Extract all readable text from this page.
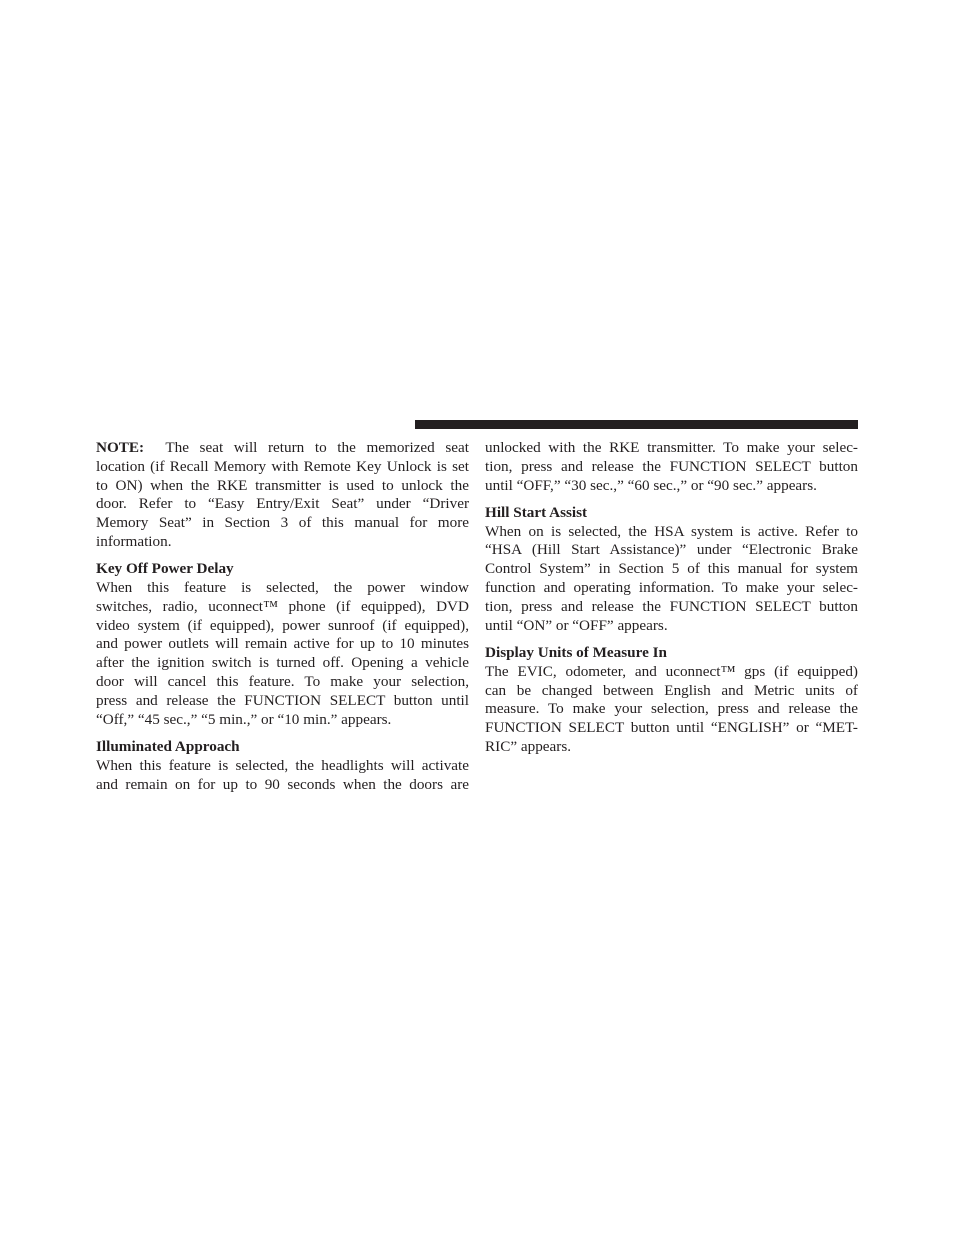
NOTE: The seat will return to the memorized seat
location (if Recall Memory with Remote Key Unlock is set
to ON) when the RKE transmitter is used to unlock the
door. Refer to “Easy Entry/Exit Seat” under “Driver
Memory Seat” in Section 3 of this manual for more
information.
Key Off Power Delay
When this feature is selected, the power window
switches, radio, uconnect™ phone (if equipped), DVD
video system (if equipped), power sunroof (if equipped),
and power outlets will remain active for up to 10 minutes
after the ignition switch is turned off. Opening a vehicle
door will cancel this feature. To make your selection,
press and release the FUNCTION SELECT button until
“Off,” “45 sec.,” “5 min.,” or “10 min.” appears.
Illuminated Approach
When this feature is selected, the headlights will activate
and remain on for up to 90 seconds when the doors are
unlocked with the RKE transmitter. To make your selec-
tion, press and release the FUNCTION SELECT button
until “OFF,” “30 sec.,” “60 sec.,” or “90 sec.” appears.
Hill Start Assist
When on is selected, the HSA system is active. Refer to
“HSA (Hill Start Assistance)” under “Electronic Brake
Control System” in Section 5 of this manual for system
function and operating information. To make your selec-
tion, press and release the FUNCTION SELECT button
until “ON” or “OFF” appears.
Display Units of Measure In
The EVIC, odometer, and uconnect™ gps (if equipped)
can be changed between English and Metric units of
measure. To make your selection, press and release the
FUNCTION SELECT button until “ENGLISH” or “MET-
RIC” appears.
